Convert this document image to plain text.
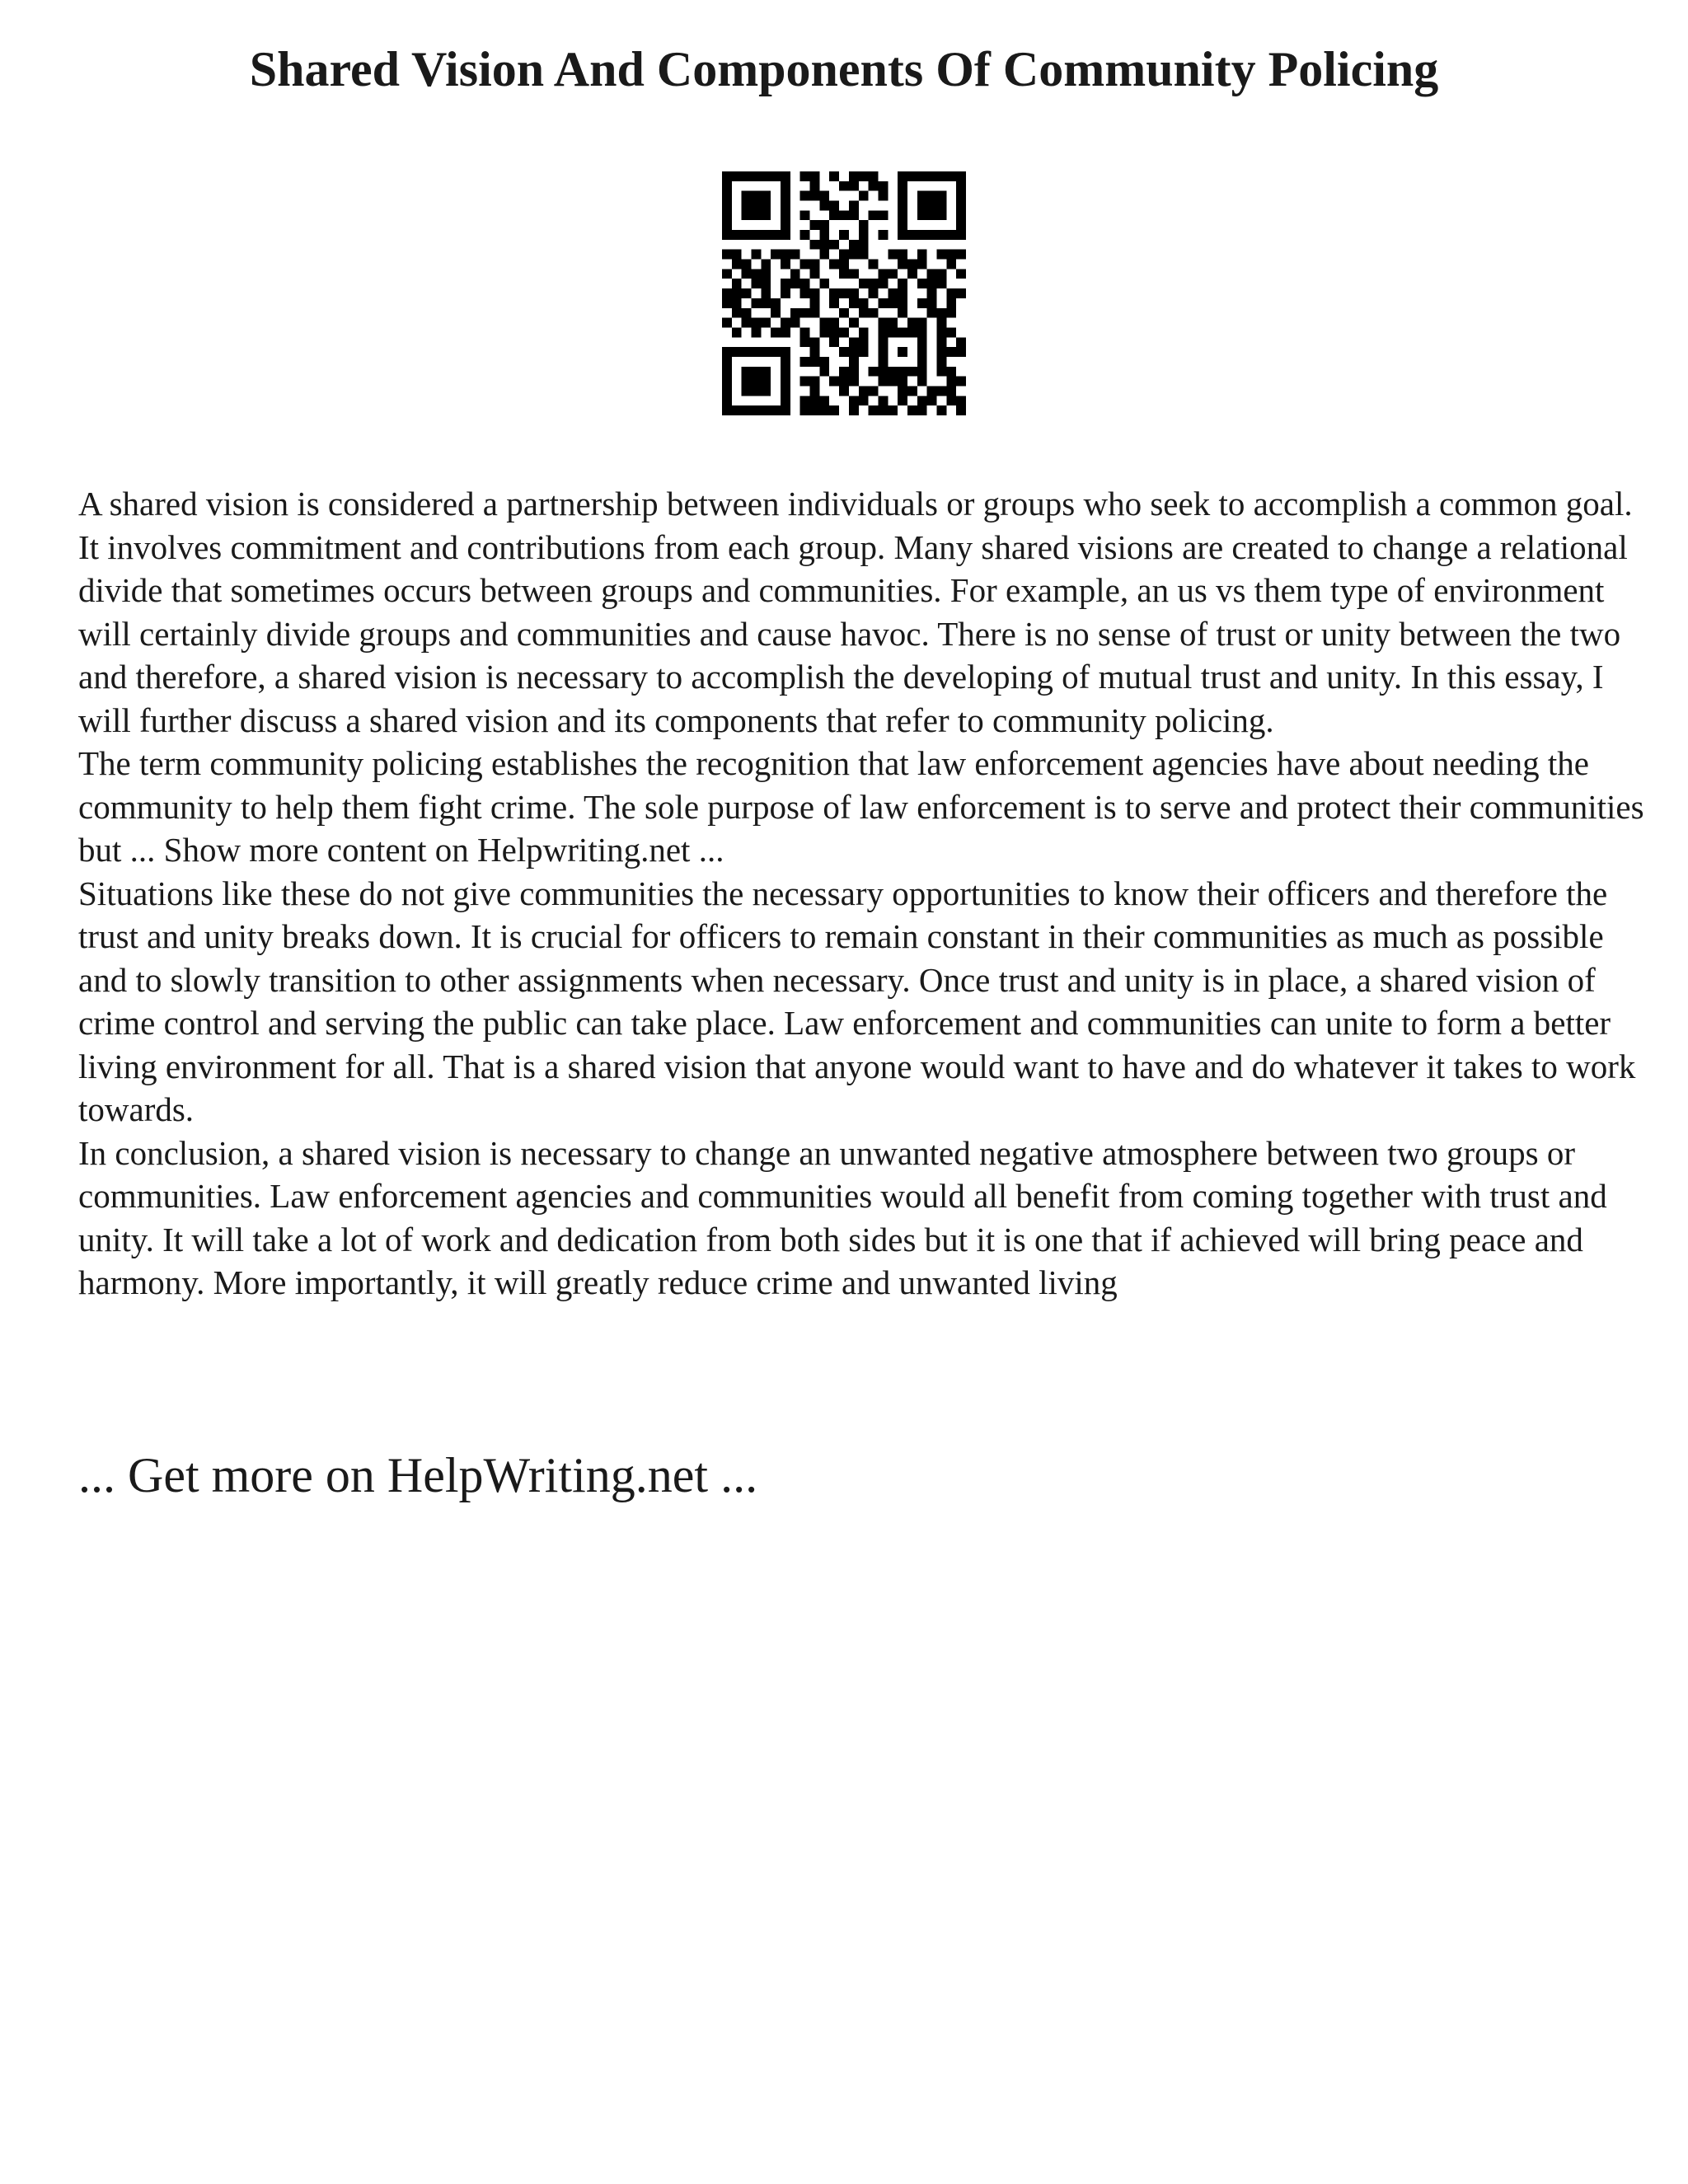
Shared Vision And Components Of Community Policing

A shared vision is considered a partnership between individuals or groups who seek to accomplish a common goal. It involves commitment and contributions from each group. Many shared visions are created to change a relational divide that sometimes occurs between groups and communities. For example, an us vs them type of environment will certainly divide groups and communities and cause havoc. There is no sense of trust or unity between the two and therefore, a shared vision is necessary to accomplish the developing of mutual trust and unity. In this essay, I will further discuss a shared vision and its components that refer to community policing.

The term community policing establishes the recognition that law enforcement agencies have about needing the community to help them fight crime. The sole purpose of law enforcement is to serve and protect their communities but ... Show more content on Helpwriting.net ...

Situations like these do not give communities the necessary opportunities to know their officers and therefore the trust and unity breaks down. It is crucial for officers to remain constant in their communities as much as possible and to slowly transition to other assignments when necessary. Once trust and unity is in place, a shared vision of crime control and serving the public can take place. Law enforcement and communities can unite to form a better living environment for all. That is a shared vision that anyone would want to have and do whatever it takes to work towards.

In conclusion, a shared vision is necessary to change an unwanted negative atmosphere between two groups or communities. Law enforcement agencies and communities would all benefit from coming together with trust and unity. It will take a lot of work and dedication from both sides but it is one that if achieved will bring peace and harmony. More importantly, it will greatly reduce crime and unwanted living

... Get more on HelpWriting.net ...
